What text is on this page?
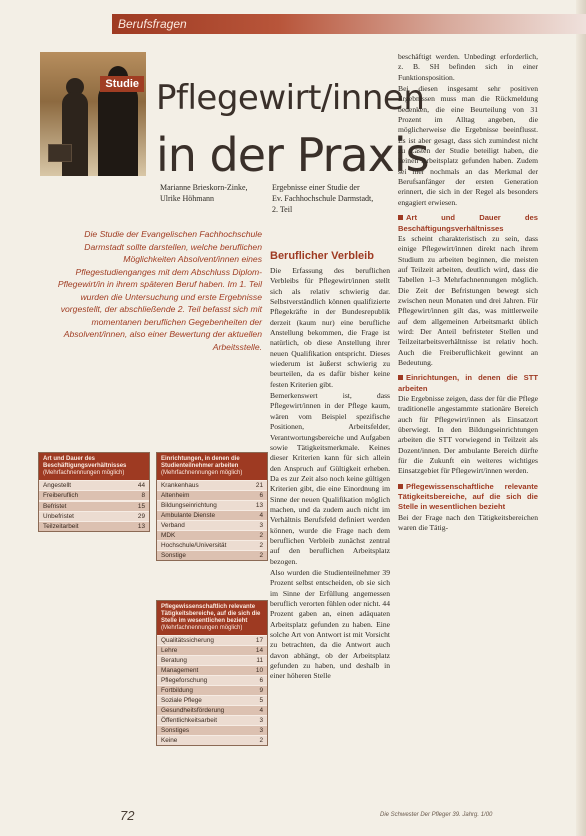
Berufsfragen
Studie Pflegewirt/innen
in der Praxis
Marianne Brieskorn-Zinke,
Ulrike Höhmann
Ergebnisse einer Studie der
Ev. Fachhochschule Darmstadt,
2. Teil

Die Studie der Evangelischen Fachhochschule Darmstadt sollte darstellen, welche beruflichen Möglichkeiten Absolvent/innen eines Pflegestudienganges mit dem Abschluss Diplom-Pflegewirt/in in ihrem späteren Beruf haben. Im 1. Teil wurden die Untersuchung und erste Ergebnisse vorgestellt, der abschließende 2. Teil befasst sich mit momentanen beruflichen Gegebenheiten der Absolvent/innen, also einer Bewertung der aktuellen Arbeitsstelle.

Beruflicher Verbleib

Die Erfassung des beruflichen Verbleibs für Pflegewirt/innen stellt sich als relativ schwierig dar. Selbstverständlich können qualifizierte Pflegekräfte in der Bundesrepublik derzeit (kaum nur) eine berufliche Anstellung bekommen, die Frage ist natürlich, ob diese Anstellung ihrer neuen Qualifikation entspricht. Dieses wiederum ist äußerst schwierig zu beurteilen, da es dafür bisher keine festen Kriterien gibt.

Bemerkenswert ist, dass Pflegewirt/innen in der Pflege kaum, wären vom Beispiel spezifische Positionen, Arbeitsfelder, Verantwortungsbereiche und Aufgaben sowie Tätigkeitsmerkmale. Keines dieser Kriterien kann für sich allein den Anspruch auf Gültigkeit erheben. Da es zur Zeit also noch keine gültigen Kriterien gibt, die eine Einordnung im Sinne der neuen Qualifikation möglich machen, und da zudem auch nicht im Verhältnis Berufsfeld definiert werden können, wurde die Frage nach dem beruflichen Verbleib zunächst zentral auf den beruflichen Arbeitsplatz bezogen.

Also wurden die Studienteilnehmer 39 Prozent selbst entscheiden, ob sie sich im Sinne der Erfüllung angemessen beruflich verorten fühlen oder nicht. 44 Prozent gaben an, einen adäquaten Arbeitsplatz gefunden zu haben. Eine solche Art von Antwort ist mit Vorsicht zu betrachten, da die Antwort auch davon abhängt, ob der Arbeitsplatz gefunden zu haben, und deshalb in einer höheren Stelle

beschäftigt werden. Unbedingt erforderlich, z. B. SH befinden sich in einer Funktionsposition.

Bei diesen insgesamt sehr positiven Ergebnissen muss man die Rückmeldung bedenken, die eine Beurteilung von 31 Prozent im Alltag angeben, die möglicherweise die Ergebnisse beeinflusst. Es ist aber gesagt, dass sich zumindest nicht zu Lasten der Studie beteiligt haben, die keinen Arbeitsplatz gefunden haben. Zudem sei hier nochmals an das Merkmal der Berufsanfänger der ersten Generation erinnert, die sich in der Regel als besonders engagiert erwiesen.

Art und Dauer des Beschäftigungsverhältnisses

Es scheint charakteristisch zu sein, dass einige Pflegewirt/innen direkt nach ihrem Studium zu arbeiten beginnen, die meisten auf Teilzeit arbeiten, deutlich wird, dass die Tabellen 1–3 Mehrfachnennungen möglich. Die Zeit der Befristungen bewegt sich zwischen neun Monaten und drei Jahren. Für Pflegewirt/innen gilt das, was mittlerweile auf dem allgemeinen Arbeitsmarkt üblich wird: Der Anteil befristeter Stellen und Teilzeitarbeitsverhältnisse ist relativ hoch. Auch die Freiberuflichkeit gewinnt an Bedeutung.

Einrichtungen, in denen die STT arbeiten

Die Ergebnisse zeigen, dass der für die Pflege traditionelle angestammte stationäre Bereich auch für Pflegewirt/innen als Einsatzort überwiegt. In den Bildungseinrichtungen arbeiten die STT vorwiegend in Teilzeit als Dozent/innen. Der ambulante Bereich dürfte für die Zukunft ein weiteres wichtiges Einsatzgebiet für Pflegewirt/innen werden.

Pflegewissenschaftliche relevante Tätigkeitsbereiche, auf die sich die Stelle in wesentlichen bezieht

Bei der Frage nach den Tätigkeitsbereichen waren die Tätig-

Art und Dauer des Beschäftigungsverhältnisses
(Mehrfachnennungen möglich)
Angestellt	44
Freiberuflich	8
Befristet	15
Unbefristet	29
Teilzeitarbeit	13
Einrichtungen, in denen die Studienteilnehmer arbeiten
(Mehrfachnennungen möglich)
Krankenhaus	21
Altenheim	6
Bildungseinrichtung	13
Ambulante Dienste	4
Verband	3
MDK	2
Hochschule/Universität	2
Sonstige	2
Pflegewissenschaftlich relevante Tätigkeitsbereiche, auf die sich die Stelle im wesentlichen bezieht
(Mehrfachnennungen möglich)
Qualitätssicherung	17
Lehre	14
Beratung	11
Management	10
Pflegeforschung	6
Fortbildung	9
Soziale Pflege	5
Gesundheitsförderung	4
Öffentlichkeitsarbeit	3
Sonstiges	3
Keine	2
72	Die Schwester Der Pfleger 39. Jahrg. 1/00
